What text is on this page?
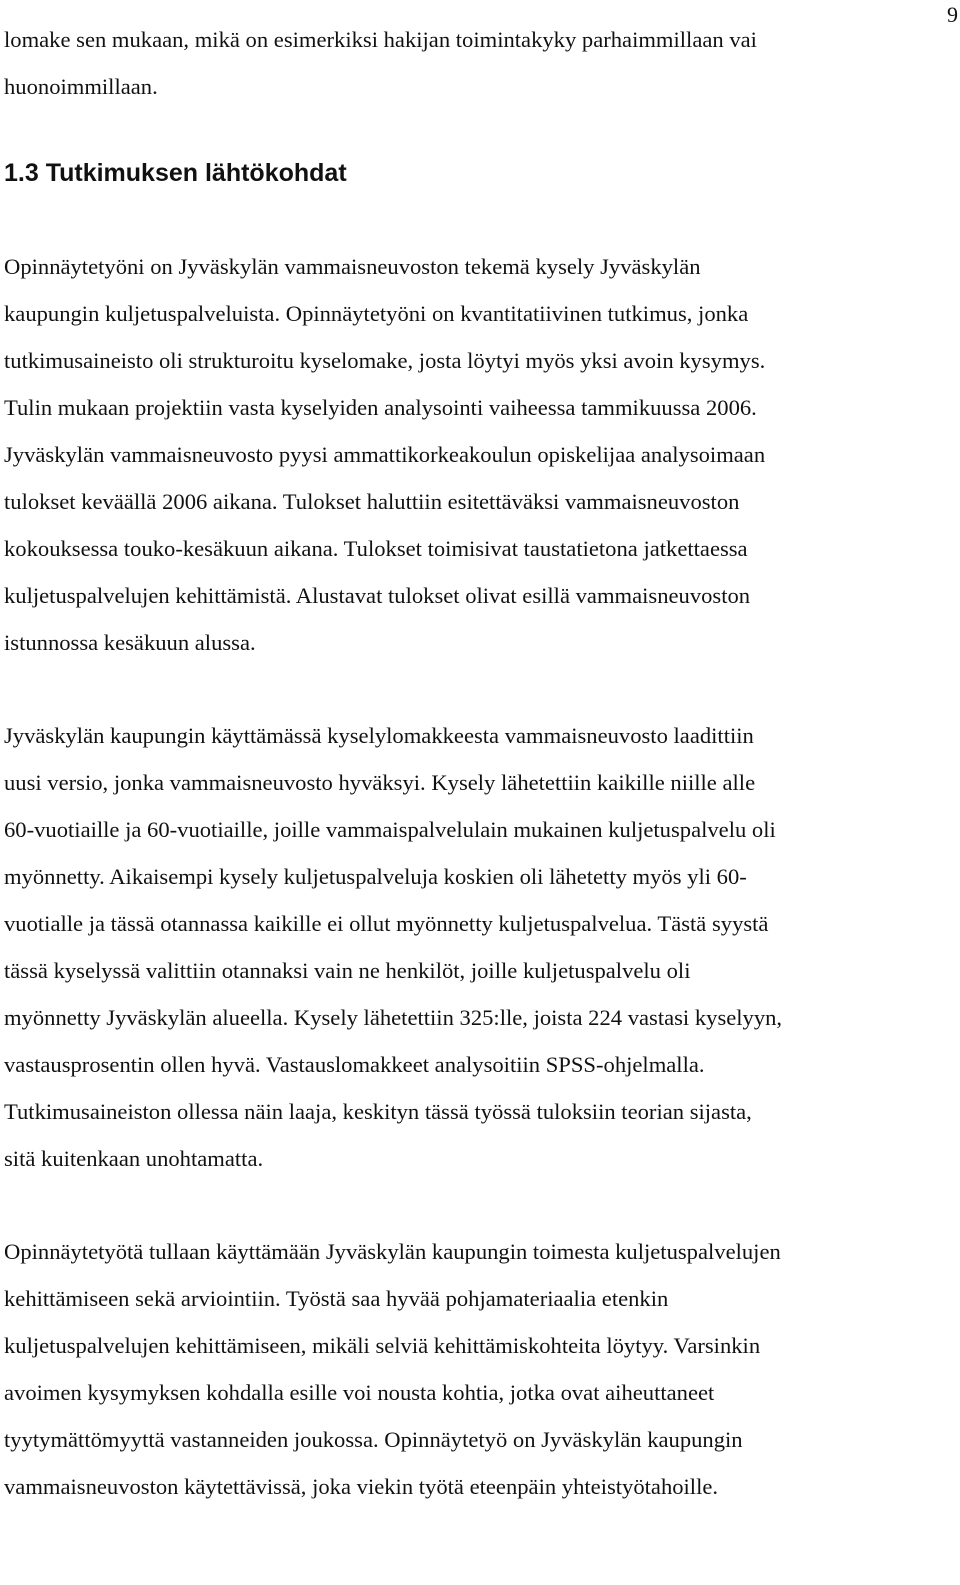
9

lomake sen mukaan, mikä on esimerkiksi hakijan toimintakyky parhaimmillaan vai
huonoimmillaan.

1.3 Tutkimuksen lähtökohdat

Opinnäytetyöni on Jyväskylän vammaisneuvoston tekemä kysely Jyväskylän
kaupungin kuljetuspalveluista. Opinnäytetyöni on kvantitatiivinen tutkimus, jonka
tutkimusaineisto oli strukturoitu kyselomake, josta löytyi myös yksi avoin kysymys.
Tulin mukaan projektiin vasta kyselyiden analysointi vaiheessa tammikuussa 2006.
Jyväskylän vammaisneuvosto pyysi ammattikorkeakoulun opiskelijaa analysoimaan
tulokset keväällä 2006 aikana. Tulokset haluttiin esitettäväksi vammaisneuvoston
kokouksessa touko-kesäkuun aikana. Tulokset toimisivat taustatietona jatkettaessa
kuljetuspalvelujen kehittämistä. Alustavat tulokset olivat esillä vammaisneuvoston
istunnossa kesäkuun alussa.

Jyväskylän kaupungin käyttämässä kyselylomakkeesta vammaisneuvosto laadittiin
uusi versio, jonka vammaisneuvosto hyväksyi. Kysely lähetettiin kaikille niille alle
60-vuotiaille ja 60-vuotiaille, joille vammaispalvelulain mukainen kuljetuspalvelu oli
myönnetty. Aikaisempi kysely kuljetuspalveluja koskien oli lähetetty myös yli 60-
vuotialle ja tässä otannassa kaikille ei ollut myönnetty kuljetuspalvelua. Tästä syystä
tässä kyselyssä valittiin otannaksi vain ne henkilöt, joille kuljetuspalvelu oli
myönnetty Jyväskylän alueella. Kysely lähetettiin 325:lle, joista 224 vastasi kyselyyn,
vastausprosentin ollen hyvä. Vastauslomakkeet analysoitiin SPSS-ohjelmalla.
Tutkimusaineiston ollessa näin laaja, keskityn tässä työssä tuloksiin teorian sijasta,
sitä kuitenkaan unohtamatta.

Opinnäytetyötä tullaan käyttämään Jyväskylän kaupungin toimesta kuljetuspalvelujen
kehittämiseen sekä arviointiin. Työstä saa hyvää pohjamateriaalia etenkin
kuljetuspalvelujen kehittämiseen, mikäli selviä kehittämiskohteita löytyy. Varsinkin
avoimen kysymyksen kohdalla esille voi nousta kohtia, jotka ovat aiheuttaneet
tyytymättömyyttä vastanneiden joukossa. Opinnäytetyö on Jyväskylän kaupungin
vammaisneuvoston käytettävissä, joka viekin työtä eteenpäin yhteistyötahoille.
